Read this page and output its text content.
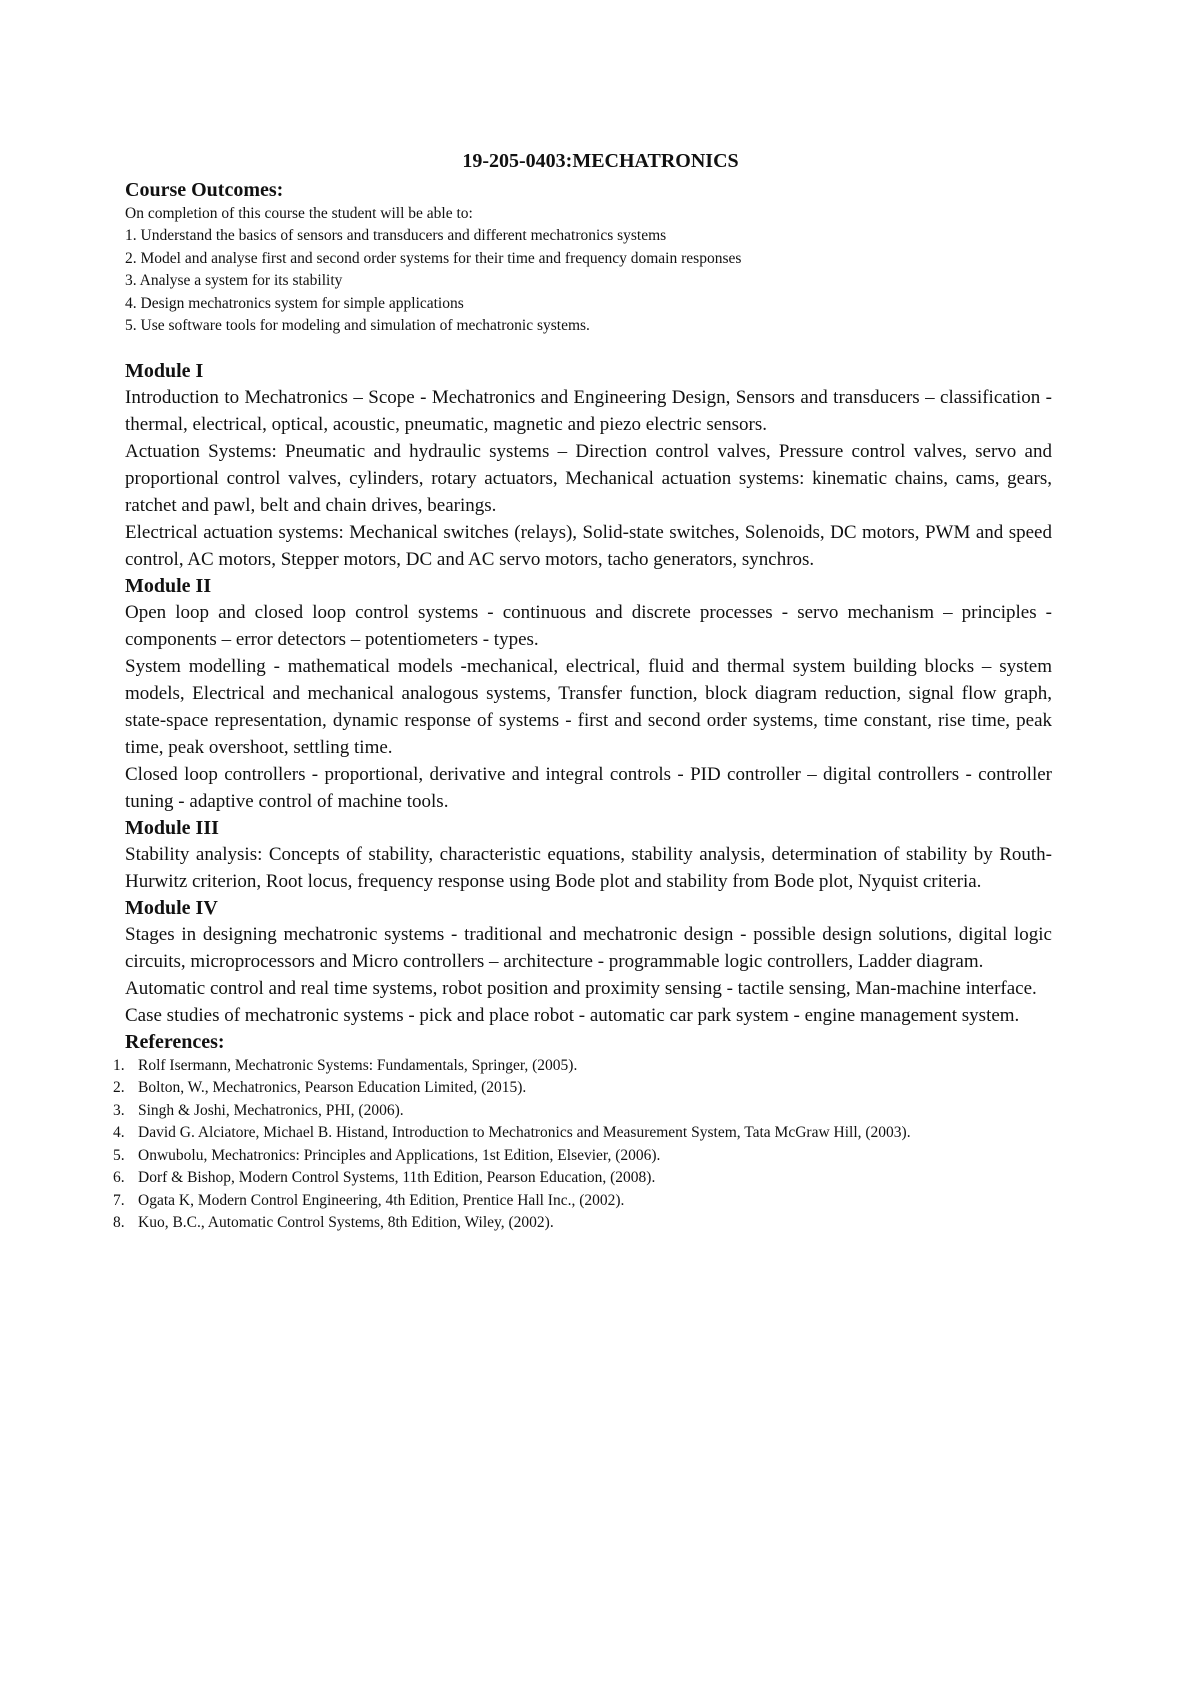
19-205-0403:MECHATRONICS
Course Outcomes:

On completion of this course the student will be able to:

1. Understand the basics of sensors and transducers and different mechatronics systems
2. Model and analyse first and second order systems for their time and frequency domain responses
3. Analyse a system for its stability
4. Design mechatronics system for simple applications
5. Use software tools for modeling and simulation of mechatronic systems.
Module I

Introduction to Mechatronics – Scope - Mechatronics and Engineering Design, Sensors and transducers – classification - thermal, electrical, optical, acoustic, pneumatic, magnetic and piezo electric sensors.

Actuation Systems: Pneumatic and hydraulic systems – Direction control valves, Pressure control valves, servo and proportional control valves, cylinders, rotary actuators, Mechanical actuation systems: kinematic chains, cams, gears, ratchet and pawl, belt and chain drives, bearings.

Electrical actuation systems: Mechanical switches (relays), Solid-state switches, Solenoids, DC motors, PWM and speed control, AC motors, Stepper motors, DC and AC servo motors, tacho generators, synchros.

Module II

Open loop and closed loop control systems - continuous and discrete processes - servo mechanism – principles - components – error detectors – potentiometers - types.

System modelling - mathematical models -mechanical, electrical, fluid and thermal system building blocks – system models, Electrical and mechanical analogous systems, Transfer function, block diagram reduction, signal flow graph, state-space representation, dynamic response of systems - first and second order systems, time constant, rise time, peak time, peak overshoot, settling time.

Closed loop controllers - proportional, derivative and integral controls - PID controller – digital controllers - controller tuning - adaptive control of machine tools.

Module III

Stability analysis: Concepts of stability, characteristic equations, stability analysis, determination of stability by Routh-Hurwitz criterion, Root locus, frequency response using Bode plot and stability from Bode plot, Nyquist criteria.

Module IV

Stages in designing mechatronic systems - traditional and mechatronic design - possible design solutions, digital logic circuits, microprocessors and Micro controllers – architecture - programmable logic controllers, Ladder diagram.

Automatic control and real time systems, robot position and proximity sensing - tactile sensing, Man-machine interface.

Case studies of mechatronic systems - pick and place robot - automatic car park system - engine management system.

References:
1. Rolf Isermann, Mechatronic Systems: Fundamentals, Springer, (2005).
2. Bolton, W., Mechatronics, Pearson Education Limited, (2015).
3. Singh & Joshi, Mechatronics, PHI, (2006).
4. David G. Alciatore, Michael B. Histand, Introduction to Mechatronics and Measurement System, Tata McGraw Hill, (2003).
5. Onwubolu, Mechatronics: Principles and Applications, 1st Edition, Elsevier, (2006).
6. Dorf & Bishop, Modern Control Systems, 11th Edition, Pearson Education, (2008).
7. Ogata K, Modern Control Engineering, 4th Edition, Prentice Hall Inc., (2002).
8. Kuo, B.C., Automatic Control Systems, 8th Edition, Wiley, (2002).
